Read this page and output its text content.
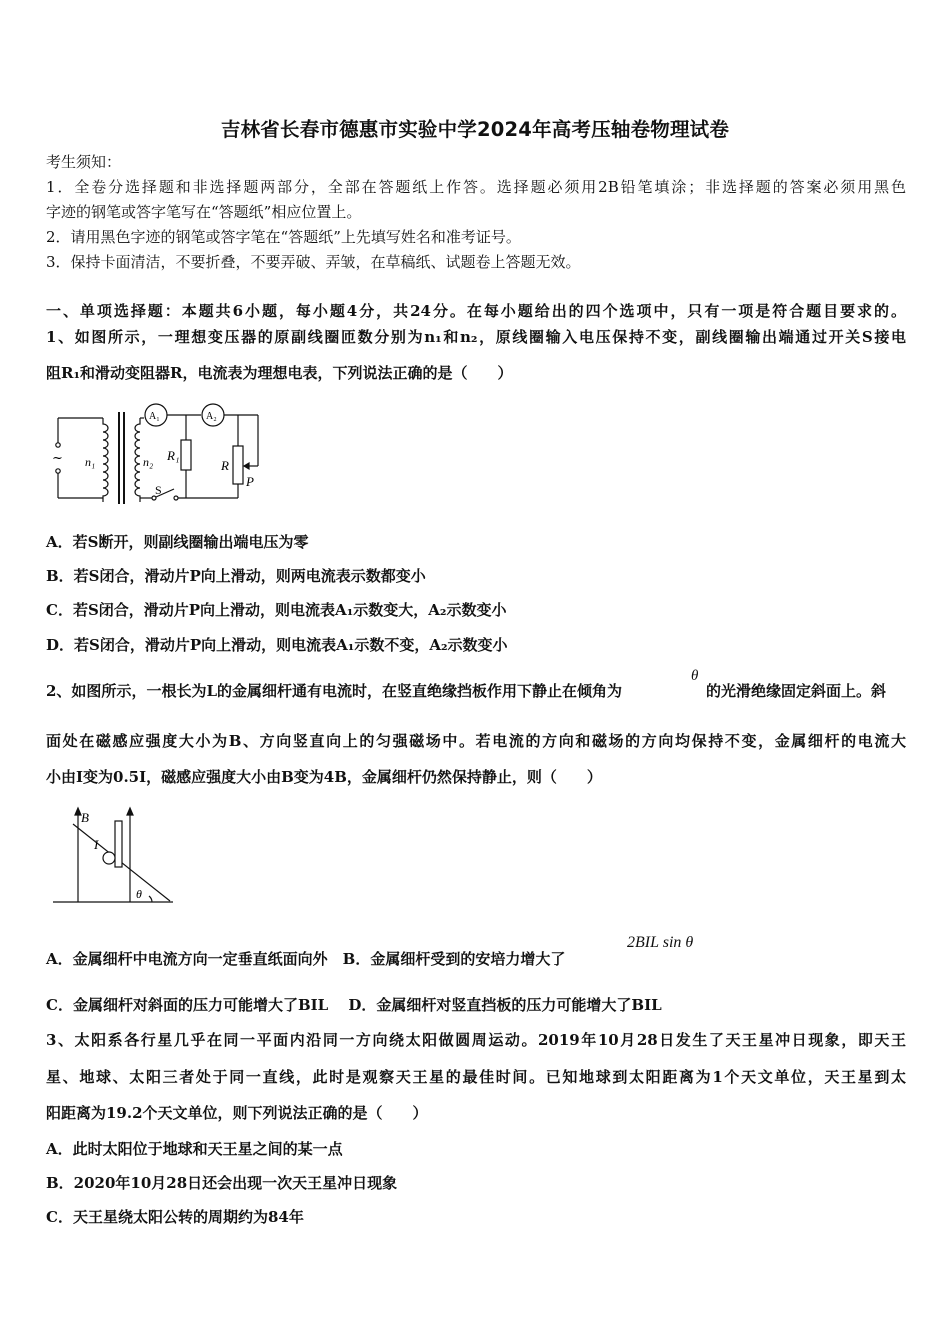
吉林省长春市德惠市实验中学2024年高考压轴卷物理试卷
考生须知：
1．全卷分选择题和非选择题两部分，全部在答题纸上作答。选择题必须用2B铅笔填涂；非选择题的答案必须用黑色
字迹的钢笔或答字笔写在“答题纸”相应位置上。
2．请用黑色字迹的钢笔或答字笔在“答题纸”上先填写姓名和准考证号。
3．保持卡面清洁，不要折叠，不要弄破、弄皱，在草稿纸、试题卷上答题无效。
一、单项选择题：本题共6小题，每小题4分，共24分。在每小题给出的四个选项中，只有一项是符合题目要求的。
1、如图所示，一理想变压器的原副线圈匝数分别为n₁和n₂，原线圈输入电压保持不变，副线圈输出端通过开关S接电
阻R₁和滑动变阻器R，电流表为理想电表，下列说法正确的是（　　）
~ n₁	n₂
A₁	A₂
R₁
R
S
P
A．若S断开，则副线圈输出端电压为零
B．若S闭合，滑动片P向上滑动，则两电流表示数都变小
C．若S闭合，滑动片P向上滑动，则电流表A₁示数变大，A₂示数变小
D．若S闭合，滑动片P向上滑动，则电流表A₁示数不变，A₂示数变小
2、如图所示，一根长为L的金属细杆通有电流时，在竖直绝缘挡板作用下静止在倾角为
θ
的光滑绝缘固定斜面上。斜
面处在磁感应强度大小为B、方向竖直向上的匀强磁场中。若电流的方向和磁场的方向均保持不变，金属细杆的电流大
小由I变为0.5I，磁感应强度大小由B变为4B，金属细杆仍然保持静止，则（　　）
B
I
θ
A．金属细杆中电流方向一定垂直纸面向外　B．金属细杆受到的安培力增大了
2BIL sin θ
C．金属细杆对斜面的压力可能增大了BIL　 D．金属细杆对竖直挡板的压力可能增大了BIL
3、太阳系各行星几乎在同一平面内沿同一方向绕太阳做圆周运动。2019年10月28日发生了天王星冲日现象，即天王
星、地球、太阳三者处于同一直线，此时是观察天王星的最佳时间。已知地球到太阳距离为1个天文单位，天王星到太
阳距离为19.2个天文单位，则下列说法正确的是（　　）
A．此时太阳位于地球和天王星之间的某一点
B．2020年10月28日还会出现一次天王星冲日现象
C．天王星绕太阳公转的周期约为84年
